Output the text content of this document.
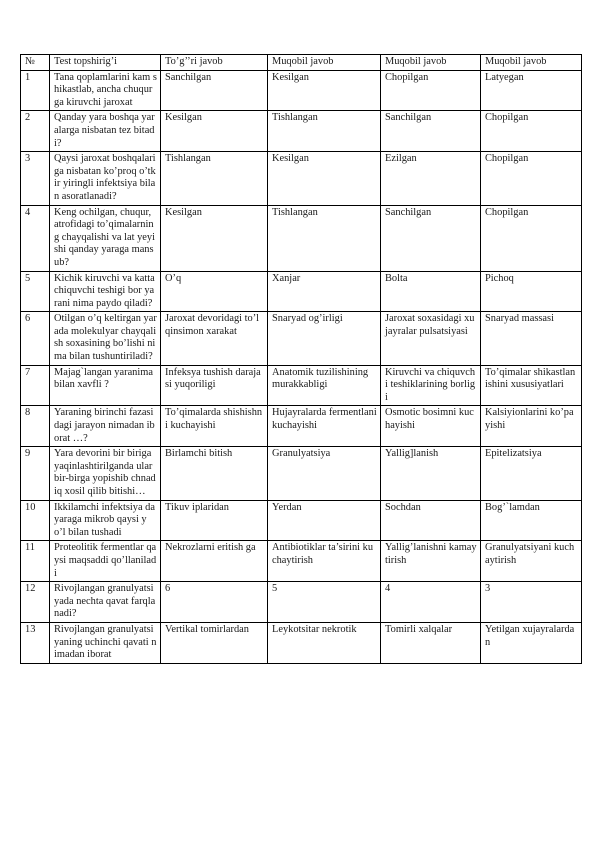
№	Test topshirig’i	To’g’’ri javob	Muqobil javob	Muqobil javob	Muqobil javob
1	Tana qoplamlarini kam shikastlab, ancha chuqurga kiruvchi jaroxat	Sanchilgan	Kesilgan	Chopilgan	Latyegan
2	Qanday yara boshqa yaralarga nisbatan tez bitadi?	Kesilgan	Tishlangan	Sanchilgan	Chopilgan
3	Qaysi jaroxat boshqalariga nisbatan ko’proq o’tkir yiringli infektsiya bilan asoratlanadi?	Tishlangan	Kesilgan	Ezilgan	Chopilgan
4	Keng ochilgan, chuqur, atrofidagi to’qimalarning chayqalishi va lat yeyishi qanday yaraga mansub?	Kesilgan	Tishlangan	Sanchilgan	Chopilgan
5	Kichik kiruvchi va katta chiquvchi teshigi bor yarani nima paydo qiladi?	O’q	Xanjar	Bolta	Pichoq
6	Otilgan o’q keltirgan yarada molekulyar chayqalish soxasining bo’lishi nima bilan tushuntiriladi?	Jaroxat devoridagi to’lqinsimon xarakat	Snaryad og’irligi	Jaroxat soxasidagi xujayralar pulsatsiyasi	Snaryad massasi
7	Majag`langan yaranimabilan xavfli ?	Infeksya tushish darajasi yuqoriligi	Anatomik tuzilishining murakkabligi	Kiruvchi va chiquvchi teshiklarining borligi	To’qimalar shikastlanishini xususiyatlari
8	Yaraning birinchi fazasidagi jarayon nimadan iborat …?	To’qimalarda shishishni kuchayishi	Hujayralarda fermentlani kuchayishi	Osmotic bosimni kuchayishi	Kalsiyionlarini ko’payishi
9	Yara devorini bir biriga yaqinlashtirilganda ular bir-birga yopishib chnadiq xosil qilib bitishi…	Birlamchi bitish	Granulyatsiya	Yallig]lanish	Epitelizatsiya
10	Ikkilamchi infektsiya da yaraga mikrob qaysi yo’l bilan tushadi	Tikuv iplaridan	Yerdan	Sochdan	Bog’`lamdan
11	Proteolitik fermentlar qaysi maqsaddi qo’llaniladi	Nekrozlarni eritish ga	Antibiotiklar ta’sirini kuchaytirish	Yallig’lanishni kamaytirish	Granulyatsiyani kuchaytirish
12	Rivojlangan granulyatsiyada nechta qavat farqlanadi?	6	5	4	3
13	Rivojlangan granulyatsiyaning uchinchi qavati nimadan iborat	Vertikal tomirlardan	Leykotsitar nekrotik	Tomirli xalqalar	Yetilgan xujayralardan
